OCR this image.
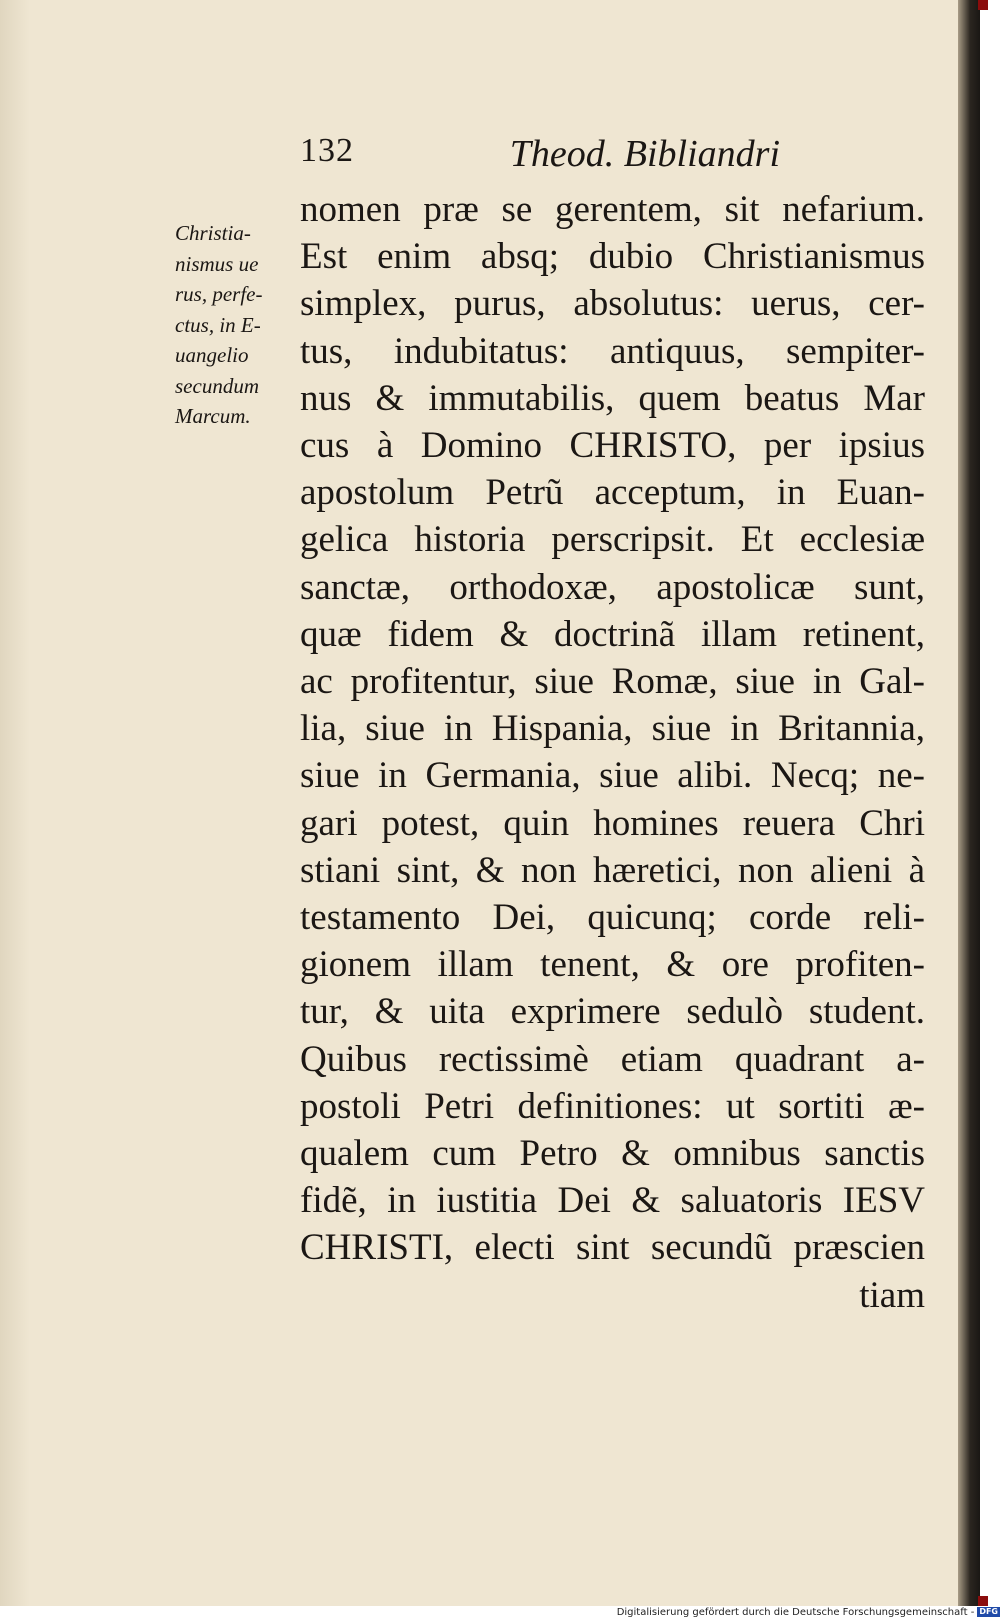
132	Theod. Bibliandri
Christia-
nismus ue
rus, perfe-
ctus, in E-
uangelio
secundum
Marcum.
nomen præ se gerentem, sit nefarium.
Est enim absq; dubio Christianismus
simplex, purus, absolutus: uerus, cer-
tus, indubitatus: antiquus, sempiter-
nus & immutabilis, quem beatus Mar
cus à Domino CHRISTO, per ipsius
apostolum Petrũ acceptum, in Euan-
gelica historia perscripsit. Et ecclesiæ
sanctæ, orthodoxæ, apostolicæ sunt,
quæ fidem & doctrinã illam retinent,
ac profitentur, siue Romæ, siue in Gal-
lia, siue in Hispania, siue in Britannia,
siue in Germania, siue alibi. Necq; ne-
gari potest, quin homines reuera Chri
stiani sint, & non hæretici, non alieni à
testamento Dei, quicunq; corde reli-
gionem illam tenent, & ore profiten-
tur, & uita exprimere sedulò student.
Quibus rectissimè etiam quadrant a-
postoli Petri definitiones: ut sortiti æ-
qualem cum Petro & omnibus sanctis
fidẽ, in iustitia Dei & saluatoris IESV
CHRISTI, electi sint secundũ præscien
tiam
Digitalisierung gefördert durch die Deutsche Forschungsgemeinschaft - DFG
